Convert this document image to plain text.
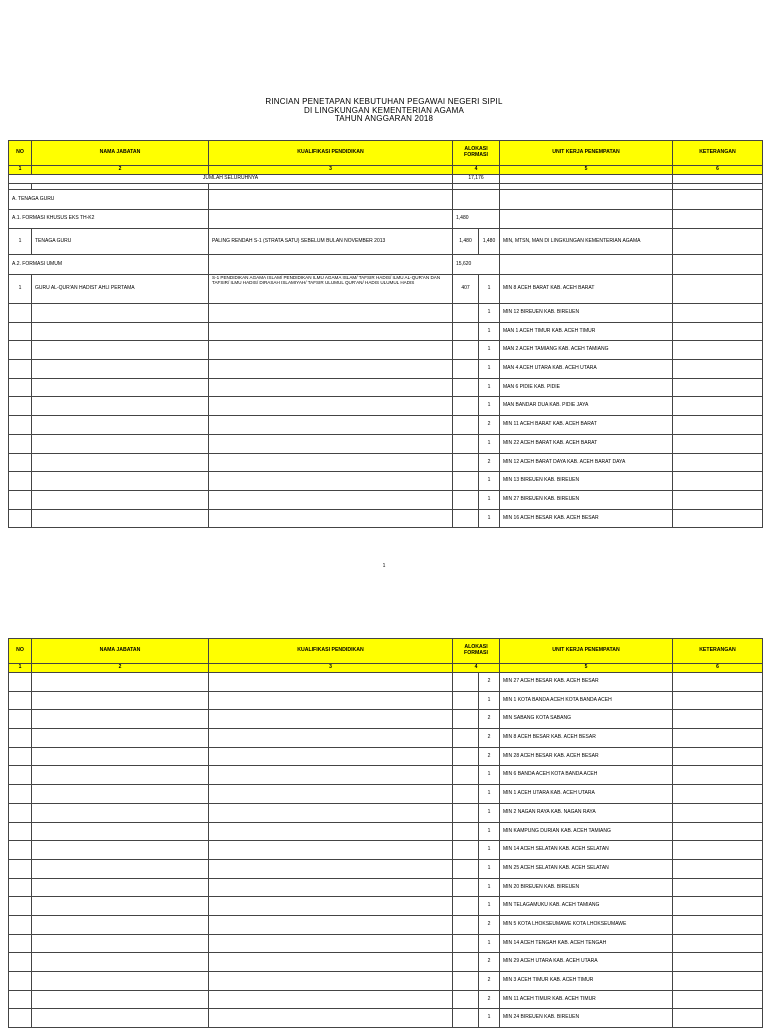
RINCIAN PENETAPAN KEBUTUHAN PEGAWAI NEGERI SIPIL
DI LINGKUNGAN KEMENTERIAN AGAMA
TAHUN ANGGARAN 2018
NO	NAMA JABATAN	KUALIFIKASI PENDIDIKAN	ALOKASI FORMASI		UNIT KERJA PENEMPATAN	KETERANGAN
1	2	3	4		5	6
JUMLAH SELURUHNYA			17,176			

A. TENAGA GURU						
A.1. FORMASI KHUSUS EKS TH-K2			1,480			
1	TENAGA GURU	PALING RENDAH S-1 (STRATA SATU) SEBELUM BULAN NOVEMBER 2013	1,480	1,480	MIN, MTSN, MAN DI LINGKUNGAN KEMENTERIAN AGAMA	
A.2. FORMASI UMUM			15,620			
1	GURU AL-QUR'AN HADIST AHLI PERTAMA	S-1 PENDIDIKAN AGAMA ISLAM/ PENDIDIKAN ILMU AGAMA ISLAM/ TAFSIR HADIS/ ILMU AL-QUR'AN DAN TAFSIR/ ILMU HADIS/ DIRASAH ISLAMIYAH/ TAFSIR ULUMUL QUR'AN/ HADIS ULUMUL HADIS	407	1	MIN 8 ACEH BARAT KAB. ACEH BARAT	
				1	MIN 12 BIREUEN KAB. BIREUEN	
				1	MAN 1 ACEH TIMUR KAB. ACEH TIMUR	
				1	MAN 2 ACEH TAMIANG KAB. ACEH TAMIANG	
				1	MAN 4 ACEH UTARA KAB. ACEH UTARA	
				1	MAN 6 PIDIE KAB. PIDIE	
				1	MAN BANDAR DUA KAB. PIDIE JAYA	
				2	MIN 11 ACEH BARAT KAB. ACEH BARAT	
				1	MIN 22 ACEH BARAT KAB. ACEH BARAT	
				2	MIN 12 ACEH BARAT DAYA KAB. ACEH BARAT DAYA	
				1	MIN 13 BIREUEN KAB. BIREUEN	
				1	MIN 27 BIREUEN KAB. BIREUEN	
				1	MIN 16 ACEH BESAR KAB. ACEH BESAR	
1
NO	NAMA JABATAN	KUALIFIKASI PENDIDIKAN	ALOKASI FORMASI		UNIT KERJA PENEMPATAN	KETERANGAN
1	2	3	4		5	6
				2	MIN 27 ACEH BESAR KAB. ACEH BESAR	
				1	MIN 1 KOTA BANDA ACEH KOTA BANDA ACEH	
				2	MIN SABANG KOTA SABANG	
				2	MIN 8 ACEH BESAR KAB. ACEH BESAR	
				2	MIN 28 ACEH BESAR KAB. ACEH BESAR	
				1	MIN 6 BANDA ACEH KOTA BANDA ACEH	
				1	MIN 1 ACEH UTARA KAB. ACEH UTARA	
				1	MIN 2 NAGAN RAYA KAB. NAGAN RAYA	
				1	MIN KAMPUNG DURIAN KAB. ACEH TAMIANG	
				1	MIN 14 ACEH SELATAN KAB. ACEH SELATAN	
				1	MIN 25 ACEH SELATAN KAB. ACEH SELATAN	
				1	MIN 20 BIREUEN KAB. BIREUEN	
				1	MIN TELAGAMUKU KAB. ACEH TAMIANG	
				2	MIN 5 KOTA LHOKSEUMAWE KOTA LHOKSEUMAWE	
				1	MIN 14 ACEH TENGAH KAB. ACEH TENGAH	
				2	MIN 29 ACEH UTARA KAB. ACEH UTARA	
				2	MIN 3 ACEH TIMUR KAB. ACEH TIMUR	
				2	MIN 11 ACEH TIMUR KAB. ACEH TIMUR	
				1	MIN 24 BIREUEN KAB. BIREUEN	
